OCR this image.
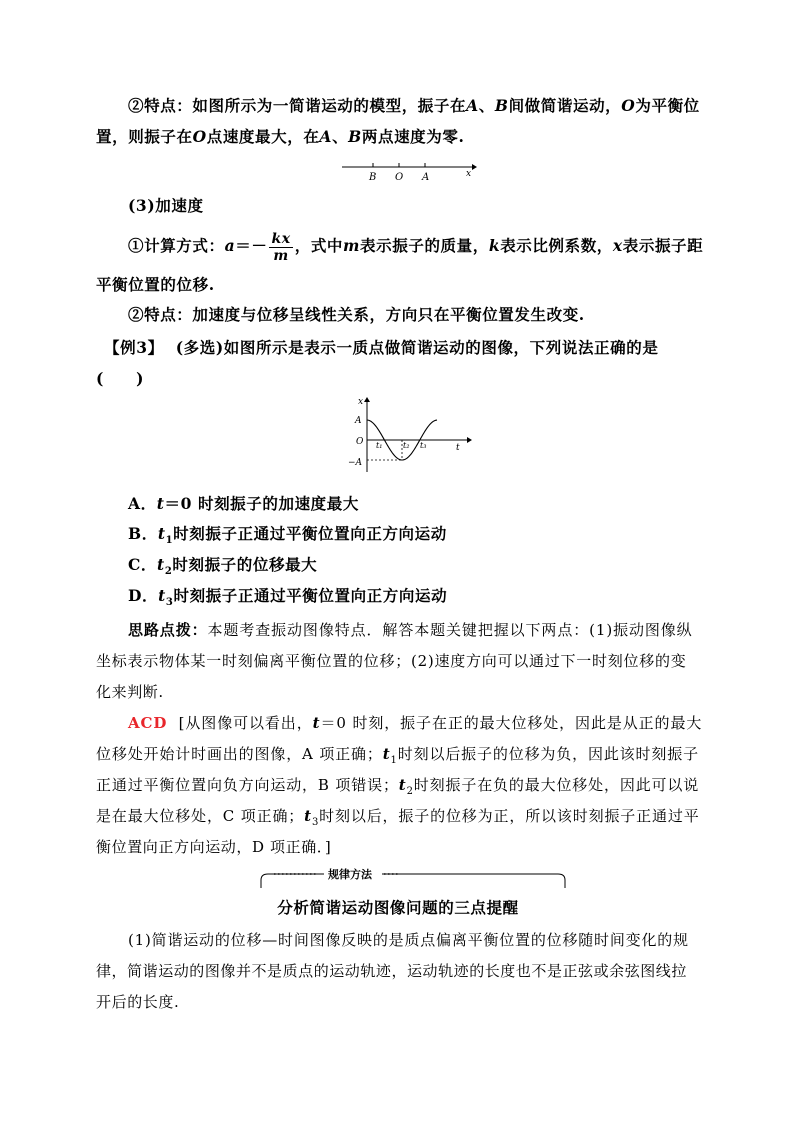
②特点：如图所示为一简谐运动的模型，振子在A、B间做简谐运动，O为平衡位
置，则振子在O点速度最大，在A、B两点速度为零.
B O A	x
(3)加速度
①计算方式：$a=- \frac{kx}{m}$ ，式中m表示振子的质量，k表示比例系数，x表示振子距
平衡位置的位移.
②特点：加速度与位移呈线性关系，方向只在平衡位置发生改变.
【例3】 (多选)如图所示是表示一质点做简谐运动的图像，下列说法正确的是
(　　)
x
t
A
O
−A
t₁	t₂ t₃
A．t＝0 时刻振子的加速度最大
B．$t_1$时刻振子正通过平衡位置向正方向运动
C．$t_2$时刻振子的位移最大
D．$t_3$时刻振子正通过平衡位置向正方向运动
思路点拨：本题考查振动图像特点．解答本题关键把握以下两点：(1)振动图像纵
坐标表示物体某一时刻偏离平衡位置的位移；(2)速度方向可以通过下一时刻位移的变
化来判断.
ACD [从图像可以看出，t＝0 时刻，振子在正的最大位移处，因此是从正的最大
位移处开始计时画出的图像，A 项正确；$t_1$时刻以后振子的位移为负，因此该时刻振子
正通过平衡位置向负方向运动，B 项错误；$t_2$时刻振子在负的最大位移处，因此可以说
是在最大位移处，C 项正确；$t_3$时刻以后，振子的位移为正，所以该时刻振子正通过平
衡位置向正方向运动，D 项正确．]
规律方法
分析简谐运动图像问题的三点提醒
(1)简谐运动的位移—时间图像反映的是质点偏离平衡位置的位移随时间变化的规
律，简谐运动的图像并不是质点的运动轨迹，运动轨迹的长度也不是正弦或余弦图线拉
开后的长度.
